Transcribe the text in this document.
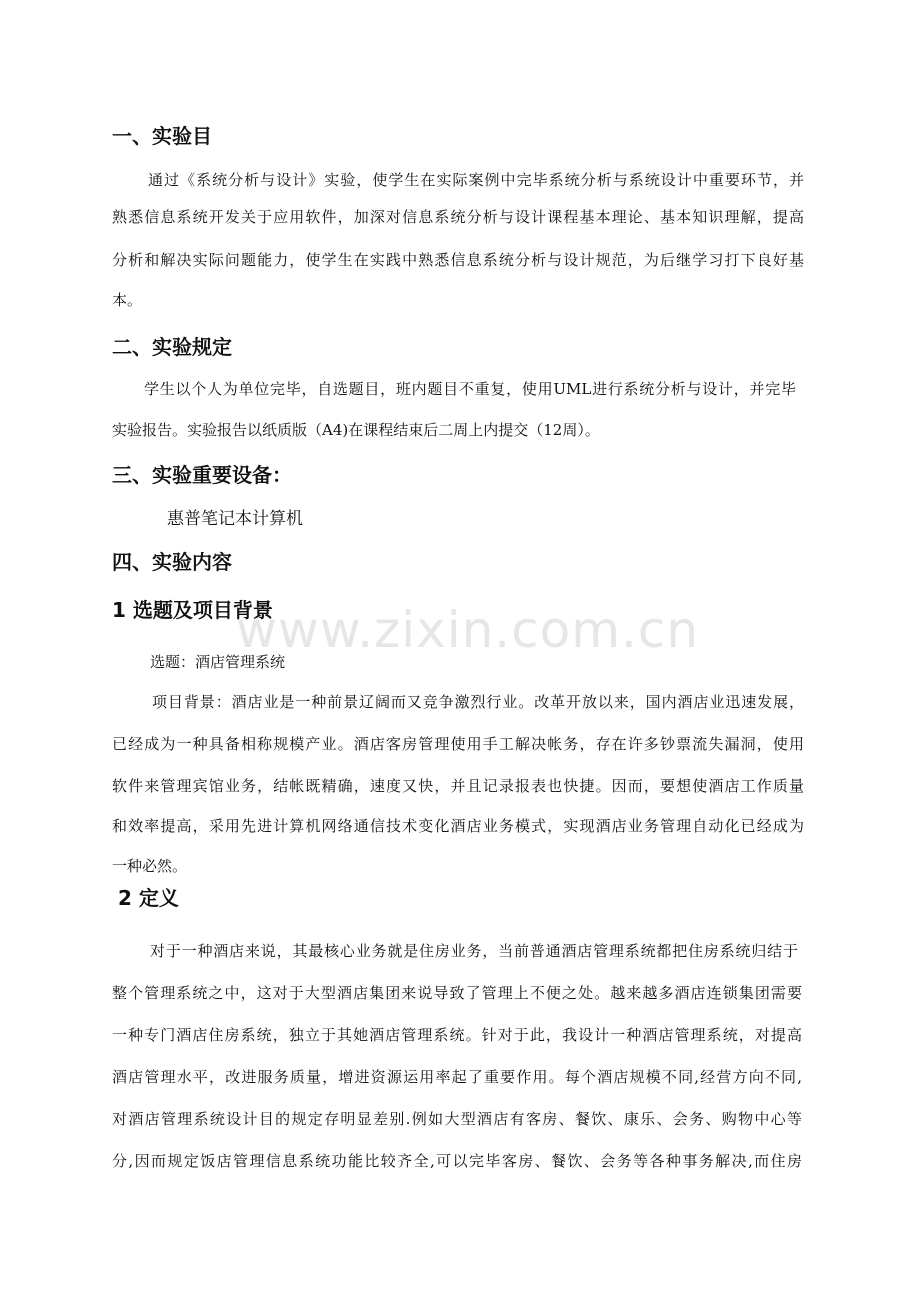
www.zixin.com.cn
一、实验目
通过《系统分析与设计》实验，使学生在实际案例中完毕系统分析与系统设计中重要环节，并
熟悉信息系统开发关于应用软件，加深对信息系统分析与设计课程基本理论、基本知识理解，提高
分析和解决实际问题能力，使学生在实践中熟悉信息系统分析与设计规范，为后继学习打下良好基
本。
二、实验规定
学生以个人为单位完毕，自选题目，班内题目不重复，使用UML进行系统分析与设计，并完毕
实验报告。实验报告以纸质版（A4)在课程结束后二周上内提交（12周）。
三、实验重要设备：
惠普笔记本计算机
四、实验内容
1 选题及项目背景
选题：酒店管理系统
项目背景：酒店业是一种前景辽阔而又竞争激烈行业。改革开放以来，国内酒店业迅速发展，
已经成为一种具备相称规模产业。酒店客房管理使用手工解决帐务，存在许多钞票流失漏洞，使用
软件来管理宾馆业务，结帐既精确，速度又快，并且记录报表也快捷。因而，要想使酒店工作质量
和效率提高，采用先进计算机网络通信技术变化酒店业务模式，实现酒店业务管理自动化已经成为
一种必然。
2 定义
对于一种酒店来说，其最核心业务就是住房业务，当前普通酒店管理系统都把住房系统归结于
整个管理系统之中，这对于大型酒店集团来说导致了管理上不便之处。越来越多酒店连锁集团需要
一种专门酒店住房系统，独立于其她酒店管理系统。针对于此，我设计一种酒店管理系统，对提高
酒店管理水平，改进服务质量，增进资源运用率起了重要作用。每个酒店规模不同,经营方向不同,
对酒店管理系统设计目的规定存明显差别.例如大型酒店有客房、餐饮、康乐、会务、购物中心等
分,因而规定饭店管理信息系统功能比较齐全,可以完毕客房、餐饮、会务等各种事务解决,而住房
